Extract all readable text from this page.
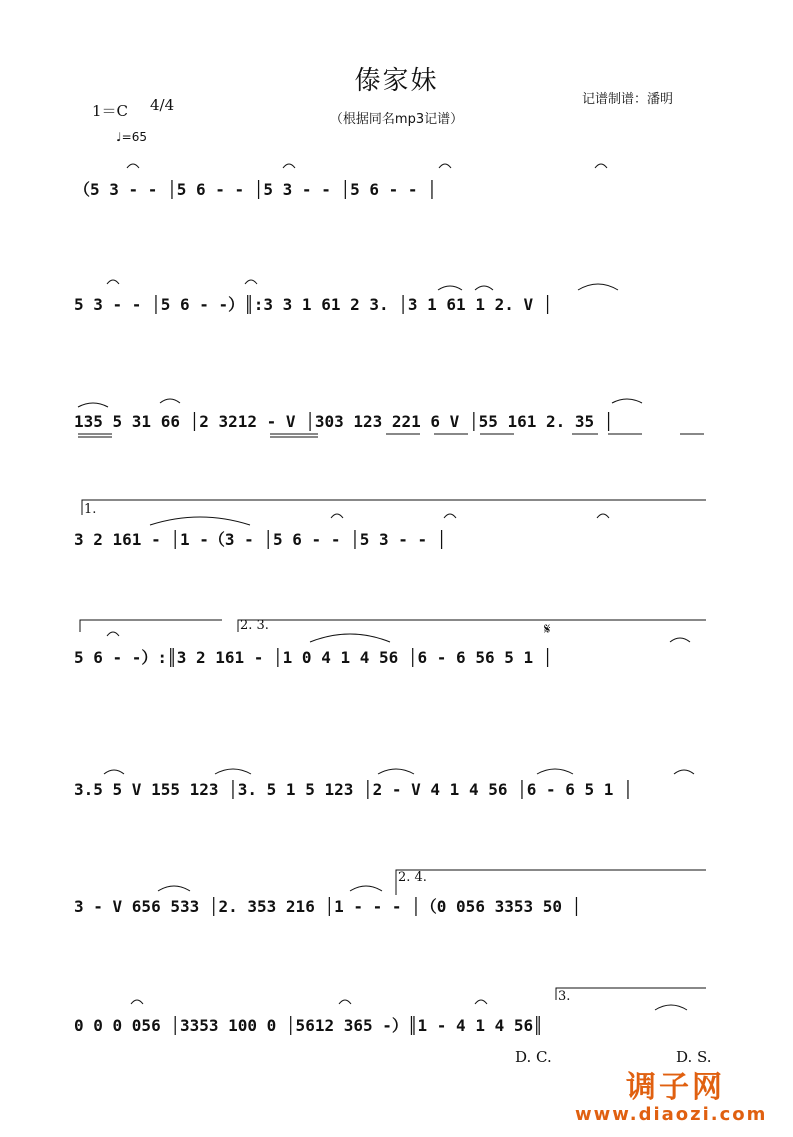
傣家妹
（根据同名mp3记谱）
1＝C 4/4
♩=65
记谱制谱：潘明
（5 3 - - │5 6 - - │5 3 - - │5 6 - - │
5 3 - - │5 6 - -）║:3 3 1 61 2 3. │3 1 61 1 2. V │
135 5 31 66 │2 3212 - V │303 123 221 6 V │55 161 2. 35 │
3 2 161 - │1 -（3 - │5 6 - - │5 3 - - │
5 6 - -）:║3 2 161 - │1 0 4 1 4 56 │6 - 6 56 5 1 │
3.5 5 V 155 123 │3. 5 1 5 123 │2 - V 4 1 4 56 │6 - 6 5 1 │
3 - V 656 533 │2. 353 216 │1 - - - │（0 056 3353 50 │
0 0 0 056 │3353 100 0 │5612 365 -）║1 - 4 1 4 56║
1.
2. 3.	𝄋
2. 4.
3.
D. C.	D. S.
调子网
www.diaozi.com
